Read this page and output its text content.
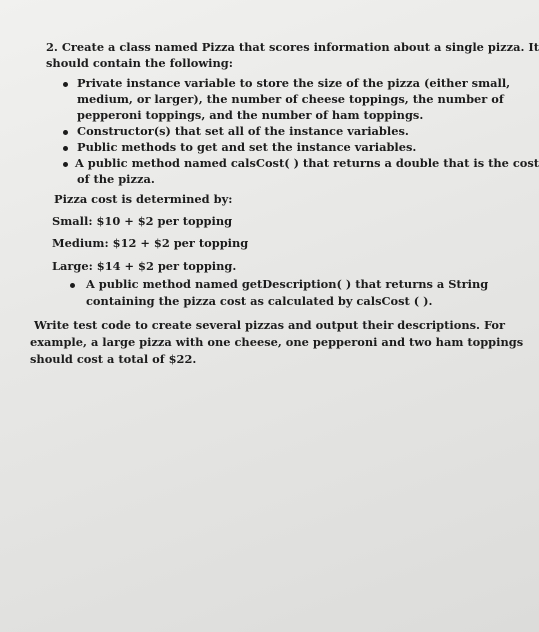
2. Create a class named Pizza that scores information about a single pizza. It
should contain the following:
Private instance variable to store the size of the pizza (either small,
medium, or larger), the number of cheese toppings, the number of
pepperoni toppings, and the number of ham toppings.
Constructor(s) that set all of the instance variables.
Public methods to get and set the instance variables.
A public method named calsCost( ) that returns a double that is the cost
of the pizza.
Pizza cost is determined by:
Small: $10 + $2 per topping
Medium: $12 + $2 per topping
Large: $14 + $2 per topping.
A public method named getDescription( ) that returns a String
containing the pizza cost as calculated by calsCost ( ).
Write test code to create several pizzas and output their descriptions. For
example, a large pizza with one cheese, one pepperoni and two ham toppings
should cost a total of $22.
